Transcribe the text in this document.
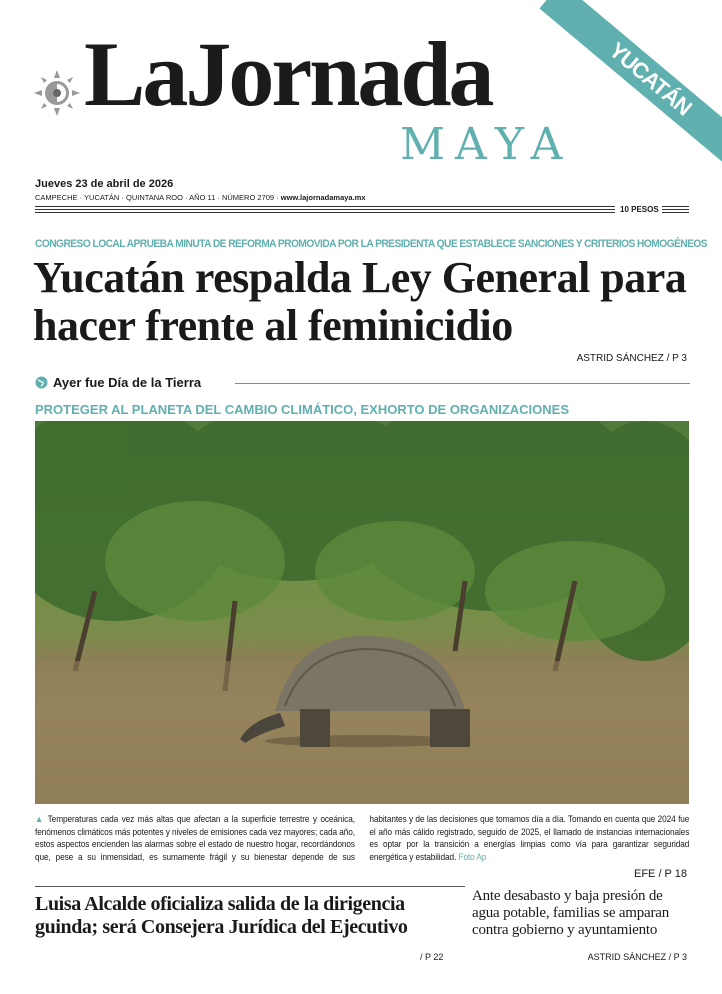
YUCATÁN
LaJornada
MAYA
Jueves 23 de abril de 2026
CAMPECHE · YUCATÁN · QUINTANA ROO · AÑO 11 · NÚMERO 2709 · www.lajornadamaya.mx
10 PESOS
CONGRESO LOCAL APRUEBA MINUTA DE REFORMA PROMOVIDA POR LA PRESIDENTA QUE ESTABLECE SANCIONES Y CRITERIOS HOMOGÉNEOS
Yucatán respalda Ley General para hacer frente al feminicidio
ASTRID SÁNCHEZ / P 3
Ayer fue Día de la Tierra
PROTEGER AL PLANETA DEL CAMBIO CLIMÁTICO, EXHORTO DE ORGANIZACIONES
▲ Temperaturas cada vez más altas que afectan a la superficie terrestre y oceánica, fenómenos climáticos más potentes y niveles de emisiones cada vez mayores; cada año, estos aspectos encienden las alarmas sobre el estado de nuestro hogar, recordándonos que, pese a su inmensidad, es sumamente frágil y su bienestar depende de sus habitantes y de las decisiones que tomamos día a día. Tomando en cuenta que 2024 fue el año más cálido registrado, seguido de 2025, el llamado de instancias internacionales es optar por la transición a energías limpias como vía para garantizar seguridad energética y estabilidad. Foto Ap
EFE / P 18
Luisa Alcalde oficializa salida de la dirigencia guinda; será Consejera Jurídica del Ejecutivo
/ P 22
Ante desabasto y baja presión de agua potable, familias se amparan contra gobierno y ayuntamiento
ASTRID SÁNCHEZ / P 3
